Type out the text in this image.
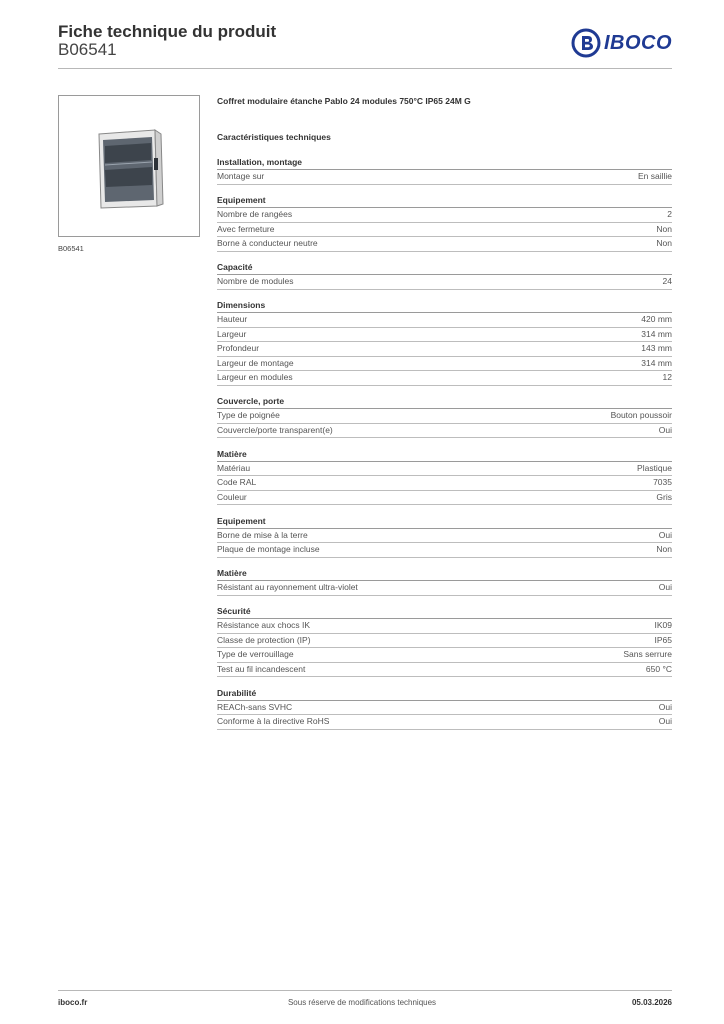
Fiche technique du produit
B06541	IBOCO
B06541
Coffret modulaire étanche Pablo 24 modules 750°C IP65 24M G
Caractéristiques techniques
Installation, montage
Montage sur	En saillie
Equipement
Nombre de rangées	2
Avec fermeture	Non
Borne à conducteur neutre	Non
Capacité
Nombre de modules	24
Dimensions
Hauteur	420 mm
Largeur	314 mm
Profondeur	143 mm
Largeur de montage	314 mm
Largeur en modules	12
Couvercle, porte
Type de poignée	Bouton poussoir
Couvercle/porte transparent(e)	Oui
Matière
Matériau	Plastique
Code RAL	7035
Couleur	Gris
Equipement
Borne de mise à la terre	Oui
Plaque de montage incluse	Non
Matière
Résistant au rayonnement ultra-violet	Oui
Sécurité
Résistance aux chocs IK	IK09
Classe de protection (IP)	IP65
Type de verrouillage	Sans serrure
Test au fil incandescent	650 °C
Durabilité
REACh-sans SVHC	Oui
Conforme à la directive RoHS	Oui
iboco.fr	Sous réserve de modifications techniques	05.03.2026
